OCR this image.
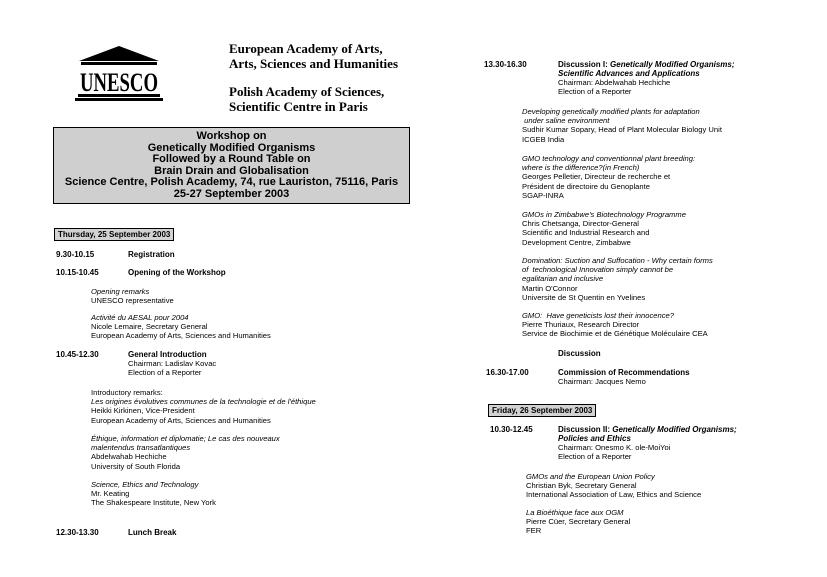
UNESCO
European Academy of Arts,
Arts, Sciences and Humanities
Polish Academy of Sciences,
Scientific Centre in Paris
Workshop on
Genetically Modified Organisms
Followed by a Round Table on
Brain Drain and Globalisation
Science Centre, Polish Academy, 74, rue Lauriston, 75116, Paris
25-27 September 2003
Thursday, 25 September 2003
9.30-10.15	Registration
10.15-10.45	Opening of the Workshop
Opening remarks
UNESCO representative
Activité du AESAL pour 2004
Nicole Lemaire, Secretary General
European Academy of Arts, Sciences and Humanities
10.45-12.30	General Introduction
Chairman: Ladislav Kovac
Election of a Reporter
Introductory remarks:
Les origines évolutives communes de la technologie et de l'éthique
Heikki Kirkinen, Vice-President
European Academy of Arts, Sciences and Humanities
Éthique, information et diplomatie; Le cas des nouveaux
malentendus transatlantiques
Abdelwahab Hechiche
University of South Florida
Science, Ethics and Technology
Mr. Keating
The Shakespeare Institute, New York
12.30-13.30	Lunch Break
13.30-16.30	Discussion I: Genetically Modified Organisms;
Scientific Advances and Applications
Chairman: Abdelwahab Hechiche
Election of a Reporter
Developing genetically modified plants for adaptation
under saline environment
Sudhir Kumar Sopary, Head of Plant Molecular Biology Unit
ICGEB India
GMO technology and conventionnal plant breeding:
where is the difference?(in French)
Georges Pelletier, Directeur de recherche et
Président de directoire du Genoplante
SGAP-INRA
GMOs in Zimbabwe's Biotechnology Programme
Chris Chetsanga, Director-General
Scientific and Industrial Research and
Development Centre, Zimbabwe
Domination: Suction and Suffocation - Why certain forms
of  technological Innovation simply cannot be
egalitarian and inclusive
Martin O'Connor
Universite de St Quentin en Yvelines
GMO:  Have geneticists lost their innocence?
Pierre Thuriaux, Research Director
Service de Biochimie et de Génétique Moléculaire CEA
Discussion
16.30-17.00	Commission of Recommendations
Chairman: Jacques Nemo
Friday, 26 September 2003
10.30-12.45	Discussion II: Genetically Modified Organisms;
Policies and Ethics
Chairman: Onesmo K. ole-MoiYoi
Election of a Reporter
GMOs and the European Union Policy
Christian Byk, Secretary General
International Association of Law, Ethics and Science
La Bioéthique face aux OGM
Pierre Cüer, Secretary General
FER
